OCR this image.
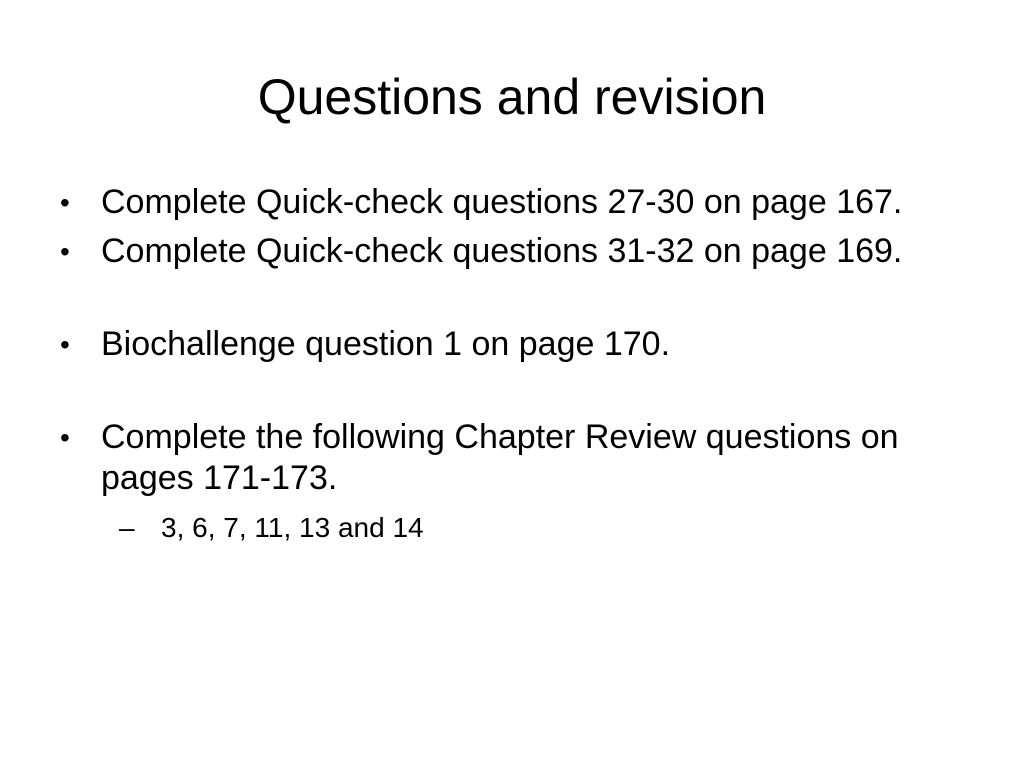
Questions and revision
• Complete Quick-check questions 27-30 on page 167.
• Complete Quick-check questions 31-32 on page 169.
• Biochallenge question 1 on page 170.
• Complete the following Chapter Review questions on pages 171-173.
– 3, 6, 7, 11, 13 and 14
